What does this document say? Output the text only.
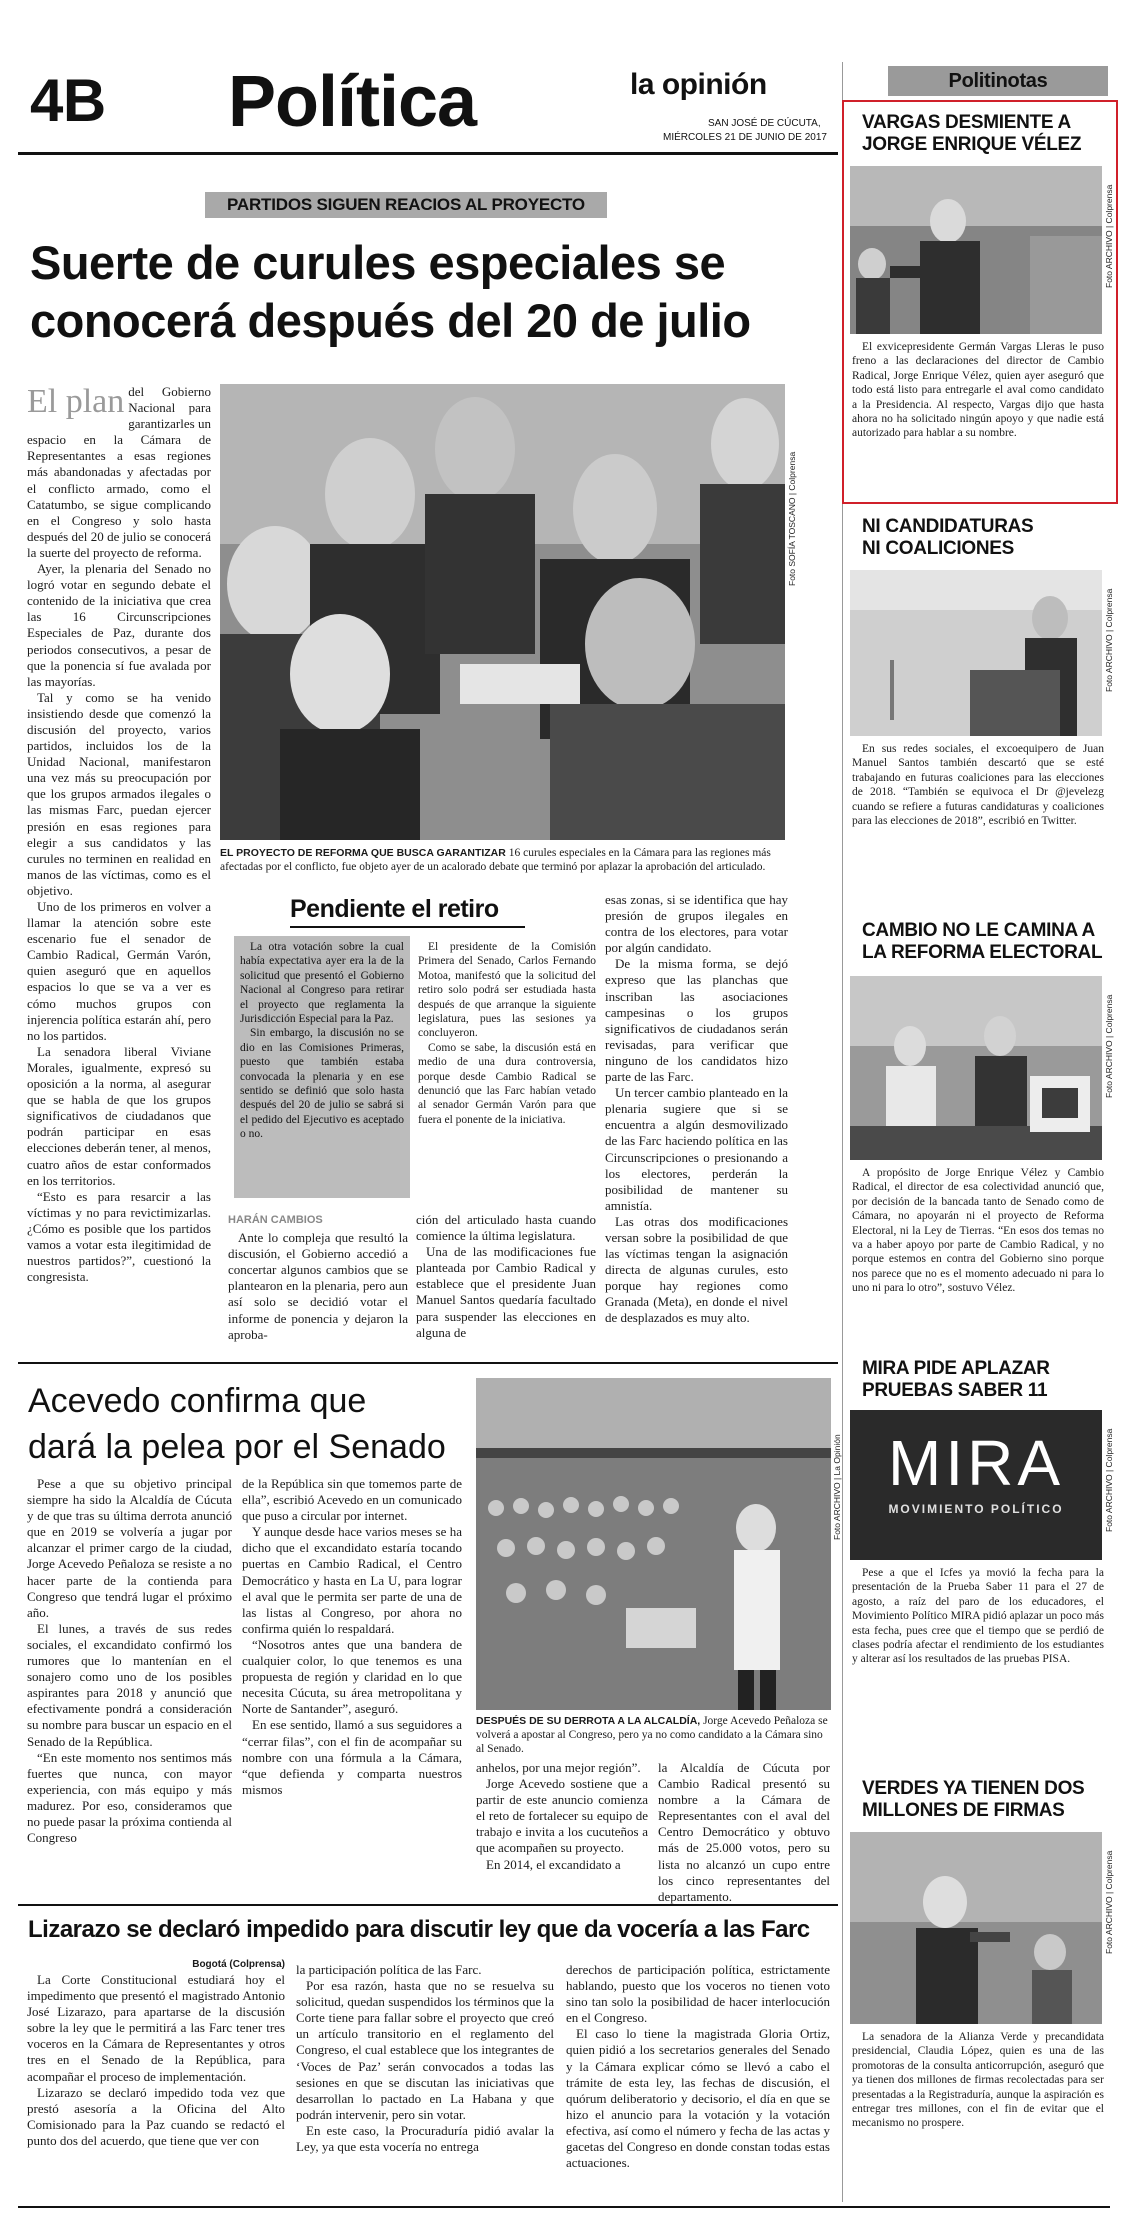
4B Política	la opinión
SAN JOSÉ DE CÚCUTA,
MIÉRCOLES 21 DE JUNIO DE 2017
PARTIDOS SIGUEN REACIOS AL PROYECTO
Suerte de curules especiales se
conocerá después del 20 de julio
El plan del Gobierno Nacional para garantizarles un espacio en la Cámara de Representantes a esas regiones más abandonadas y afectadas por el conflicto armado, como el Catatumbo, se sigue complicando en el Congreso y solo hasta después del 20 de julio se conocerá la suerte del proyecto de reforma.

Ayer, la plenaria del Senado no logró votar en segundo debate el contenido de la iniciativa que crea las 16 Circunscripciones Especiales de Paz, durante dos periodos consecutivos, a pesar de que la ponencia sí fue avalada por las mayorías.

Tal y como se ha venido insistiendo desde que comenzó la discusión del proyecto, varios partidos, incluidos los de la Unidad Nacional, manifestaron una vez más su preocupación por que los grupos armados ilegales o las mismas Farc, puedan ejercer presión en esas regiones para elegir a sus candidatos y las curules no terminen en realidad en manos de las víctimas, como es el objetivo.

Uno de los primeros en volver a llamar la atención sobre este escenario fue el senador de Cambio Radical, Germán Varón, quien aseguró que en aquellos espacios lo que se va a ver es cómo muchos grupos con injerencia política estarán ahí, pero no los partidos.

La senadora liberal Viviane Morales, igualmente, expresó su oposición a la norma, al asegurar que se habla de que los grupos significativos de ciudadanos que podrán participar en esas elecciones deberán tener, al menos, cuatro años de estar conformados en los territorios.

“Esto es para resarcir a las víctimas y no para revictimizarlas. ¿Cómo es posible que los partidos vamos a votar esta ilegitimidad de nuestros partidos?”, cuestionó la congresista.

Foto SOFÍA TOSCANO | Colprensa
EL PROYECTO DE REFORMA QUE BUSCA GARANTIZAR 16 curules especiales en la Cámara para las regiones más afectadas por el conflicto, fue objeto ayer de un acalorado debate que terminó por aplazar la aprobación del articulado.
Pendiente el retiro

La otra votación sobre la cual había expectativa ayer era la de la solicitud que presentó el Gobierno Nacional al Congreso para retirar el proyecto que reglamenta la Jurisdicción Especial para la Paz.

Sin embargo, la discusión no se dio en las Comisiones Primeras, puesto que también estaba convocada la plenaria y en ese sentido se definió que solo hasta después del 20 de julio se sabrá si el pedido del Ejecutivo es aceptado o no.

El presidente de la Comisión Primera del Senado, Carlos Fernando Motoa, manifestó que la solicitud del retiro solo podrá ser estudiada hasta después de que arranque la siguiente legislatura, pues las sesiones ya concluyeron.

Como se sabe, la discusión está en medio de una dura controversia, porque desde Cambio Radical se denunció que las Farc habían vetado al senador Germán Varón para que fuera el ponente de la iniciativa.

HARÁN CAMBIOS

Ante lo compleja que resultó la discusión, el Gobierno accedió a concertar algunos cambios que se plantearon en la plenaria, pero aun así solo se decidió votar el informe de ponencia y dejaron la aproba-

ción del articulado hasta cuando comience la última legislatura.

Una de las modificaciones fue planteada por Cambio Radical y establece que el presidente Juan Manuel Santos quedaría facultado para suspender las elecciones en alguna de

esas zonas, si se identifica que hay presión de grupos ilegales en contra de los electores, para votar por algún candidato.

De la misma forma, se dejó expreso que las planchas que inscriban las asociaciones campesinas o los grupos significativos de ciudadanos serán revisadas, para verificar que ninguno de los candidatos hizo parte de las Farc.

Un tercer cambio planteado en la plenaria sugiere que si se encuentra a algún desmovilizado de las Farc haciendo política en las Circunscripciones o presionando a los electores, perderán la posibilidad de mantener su amnistía.

Las otras dos modificaciones versan sobre la posibilidad de que las víctimas tengan la asignación directa de algunas curules, esto porque hay regiones como Granada (Meta), en donde el nivel de desplazados es muy alto.

Acevedo confirma que
dará la pelea por el Senado

Pese a que su objetivo principal siempre ha sido la Alcaldía de Cúcuta y de que tras su última derrota anunció que en 2019 se volvería a jugar por alcanzar el primer cargo de la ciudad, Jorge Acevedo Peñaloza se resiste a no hacer parte de la contienda para Congreso que tendrá lugar el próximo año.

El lunes, a través de sus redes sociales, el excandidato confirmó los rumores que lo mantenían en el sonajero como uno de los posibles aspirantes para 2018 y anunció que efectivamente pondrá a consideración su nombre para buscar un espacio en el Senado de la República.

“En este momento nos sentimos más fuertes que nunca, con mayor experiencia, con más equipo y más madurez. Por eso, consideramos que no puede pasar la próxima contienda al Congreso

de la República sin que tomemos parte de ella”, escribió Acevedo en un comunicado que puso a circular por internet.

Y aunque desde hace varios meses se ha dicho que el excandidato estaría tocando puertas en Cambio Radical, el Centro Democrático y hasta en La U, para lograr el aval que le permita ser parte de una de las listas al Congreso, por ahora no confirma quién lo respaldará.

“Nosotros antes que una bandera de cualquier color, lo que tenemos es una propuesta de región y claridad en lo que necesita Cúcuta, su área metropolitana y Norte de Santander”, aseguró.

En ese sentido, llamó a sus seguidores a “cerrar filas”, con el fin de acompañar su nombre con una fórmula a la Cámara, “que defienda y comparta nuestros mismos

Foto ARCHIVO | La Opinión
DESPUÉS DE SU DERROTA A LA ALCALDÍA, Jorge Acevedo Peñaloza se volverá a apostar al Congreso, pero ya no como candidato a la Cámara sino al Senado.

anhelos, por una mejor región”.

Jorge Acevedo sostiene que a partir de este anuncio comienza el reto de fortalecer su equipo de trabajo e invita a los cucuteños a que acompañen su proyecto.

En 2014, el excandidato a

la Alcaldía de Cúcuta por Cambio Radical presentó su nombre a la Cámara de Representantes con el aval del Centro Democrático y obtuvo más de 25.000 votos, pero su lista no alcanzó un cupo entre los cinco representantes del departamento.

Lizarazo se declaró impedido para discutir ley que da vocería a las Farc
Bogotá (Colprensa)

La Corte Constitucional estudiará hoy el impedimento que presentó el magistrado Antonio José Lizarazo, para apartarse de la discusión sobre la ley que le permitirá a las Farc tener tres voceros en la Cámara de Representantes y otros tres en el Senado de la República, para acompañar el proceso de implementación.

Lizarazo se declaró impedido toda vez que prestó asesoría a la Oficina del Alto Comisionado para la Paz cuando se redactó el punto dos del acuerdo, que tiene que ver con

la participación política de las Farc.

Por esa razón, hasta que no se resuelva su solicitud, quedan suspendidos los términos que la Corte tiene para fallar sobre el proyecto que creó un artículo transitorio en el reglamento del Congreso, el cual establece que los integrantes de ‘Voces de Paz’ serán convocados a todas las sesiones en que se discutan las iniciativas que desarrollan lo pactado en La Habana y que podrán intervenir, pero sin votar.

En este caso, la Procuraduría pidió avalar la Ley, ya que esta vocería no entrega

derechos de participación política, estrictamente hablando, puesto que los voceros no tienen voto sino tan solo la posibilidad de hacer interlocución en el Congreso.

El caso lo tiene la magistrada Gloria Ortiz, quien pidió a los secretarios generales del Senado y la Cámara explicar cómo se llevó a cabo el trámite de esta ley, las fechas de discusión, el quórum deliberatorio y decisorio, el día en que se hizo el anuncio para la votación y la votación efectiva, así como el número y fecha de las actas y gacetas del Congreso en donde constan todas estas actuaciones.

Politinotas
VARGAS DESMIENTE A
JORGE ENRIQUE VÉLEZ
Foto ARCHIVO | Colprensa

El exvicepresidente Germán Vargas Lleras le puso freno a las declaraciones del director de Cambio Radical, Jorge Enrique Vélez, quien ayer aseguró que todo está listo para entregarle el aval como candidato a la Presidencia. Al respecto, Vargas dijo que hasta ahora no ha solicitado ningún apoyo y que nadie está autorizado para hablar a su nombre.

NI CANDIDATURAS
NI COALICIONES
Foto ARCHIVO | Colprensa

En sus redes sociales, el excoequipero de Juan Manuel Santos también descartó que se esté trabajando en futuras coaliciones para las elecciones de 2018. “También se equivoca el Dr @jevelezg cuando se refiere a futuras candidaturas y coaliciones para las elecciones de 2018”, escribió en Twitter.

CAMBIO NO LE CAMINA A
LA REFORMA ELECTORAL
Foto ARCHIVO | Colprensa

A propósito de Jorge Enrique Vélez y Cambio Radical, el director de esa colectividad anunció que, por decisión de la bancada tanto de Senado como de Cámara, no apoyarán ni el proyecto de Reforma Electoral, ni la Ley de Tierras. “En esos dos temas no va a haber apoyo por parte de Cambio Radical, y no porque estemos en contra del Gobierno sino porque nos parece que no es el momento adecuado ni para lo uno ni para lo otro”, sostuvo Vélez.

MIRA PIDE APLAZAR
PRUEBAS SABER 11
MIRA
MOVIMIENTO POLÍTICO	Foto ARCHIVO | Colprensa

Pese a que el Icfes ya movió la fecha para la presentación de la Prueba Saber 11 para el 27 de agosto, a raíz del paro de los educadores, el Movimiento Político MIRA pidió aplazar un poco más esta fecha, pues cree que el tiempo que se perdió de clases podría afectar el rendimiento de los estudiantes y alterar así los resultados de las pruebas PISA.

VERDES YA TIENEN DOS
MILLONES DE FIRMAS
Foto ARCHIVO | Colprensa

La senadora de la Alianza Verde y precandidata presidencial, Claudia López, quien es una de las promotoras de la consulta anticorrupción, aseguró que ya tienen dos millones de firmas recolectadas para ser presentadas a la Registraduría, aunque la aspiración es entregar tres millones, con el fin de evitar que el mecanismo no prospere.
